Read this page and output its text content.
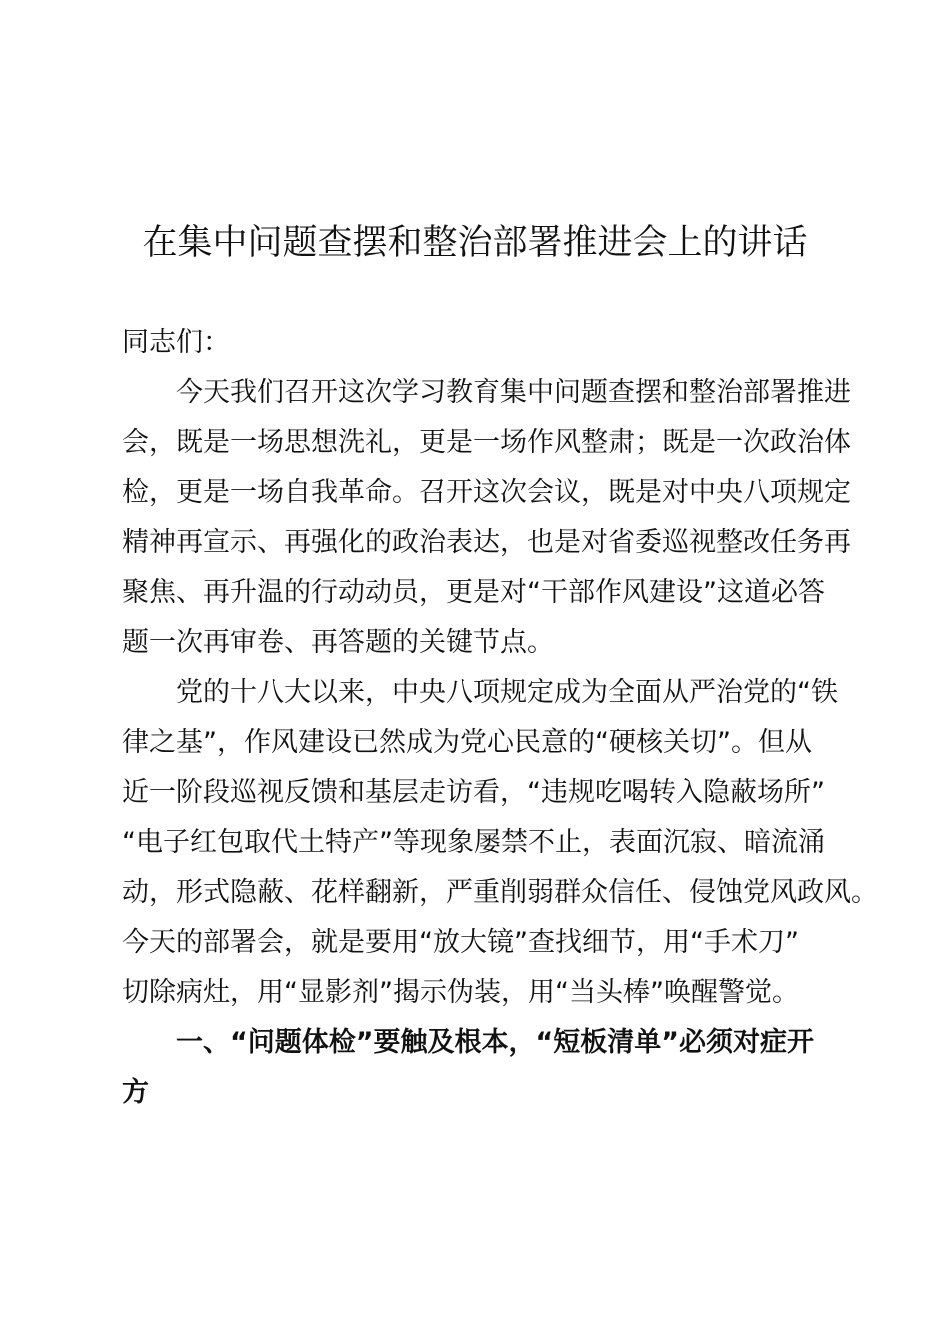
在集中问题查摆和整治部署推进会上的讲话
同志们：
今天我们召开这次学习教育集中问题查摆和整治部署推进
会，既是一场思想洗礼，更是一场作风整肃；既是一次政治体
检，更是一场自我革命。召开这次会议，既是对中央八项规定
精神再宣示、再强化的政治表达，也是对省委巡视整改任务再
聚焦、再升温的行动动员，更是对“干部作风建设”这道必答
题一次再审卷、再答题的关键节点。
党的十八大以来，中央八项规定成为全面从严治党的“铁
律之基”，作风建设已然成为党心民意的“硬核关切”。但从
近一阶段巡视反馈和基层走访看，“违规吃喝转入隐蔽场所”
“电子红包取代土特产”等现象屡禁不止，表面沉寂、暗流涌
动，形式隐蔽、花样翻新，严重削弱群众信任、侵蚀党风政风。
今天的部署会，就是要用“放大镜”查找细节，用“手术刀”
切除病灶，用“显影剂”揭示伪装，用“当头棒”唤醒警觉。
一、“问题体检”要触及根本，“短板清单”必须对症开
方
